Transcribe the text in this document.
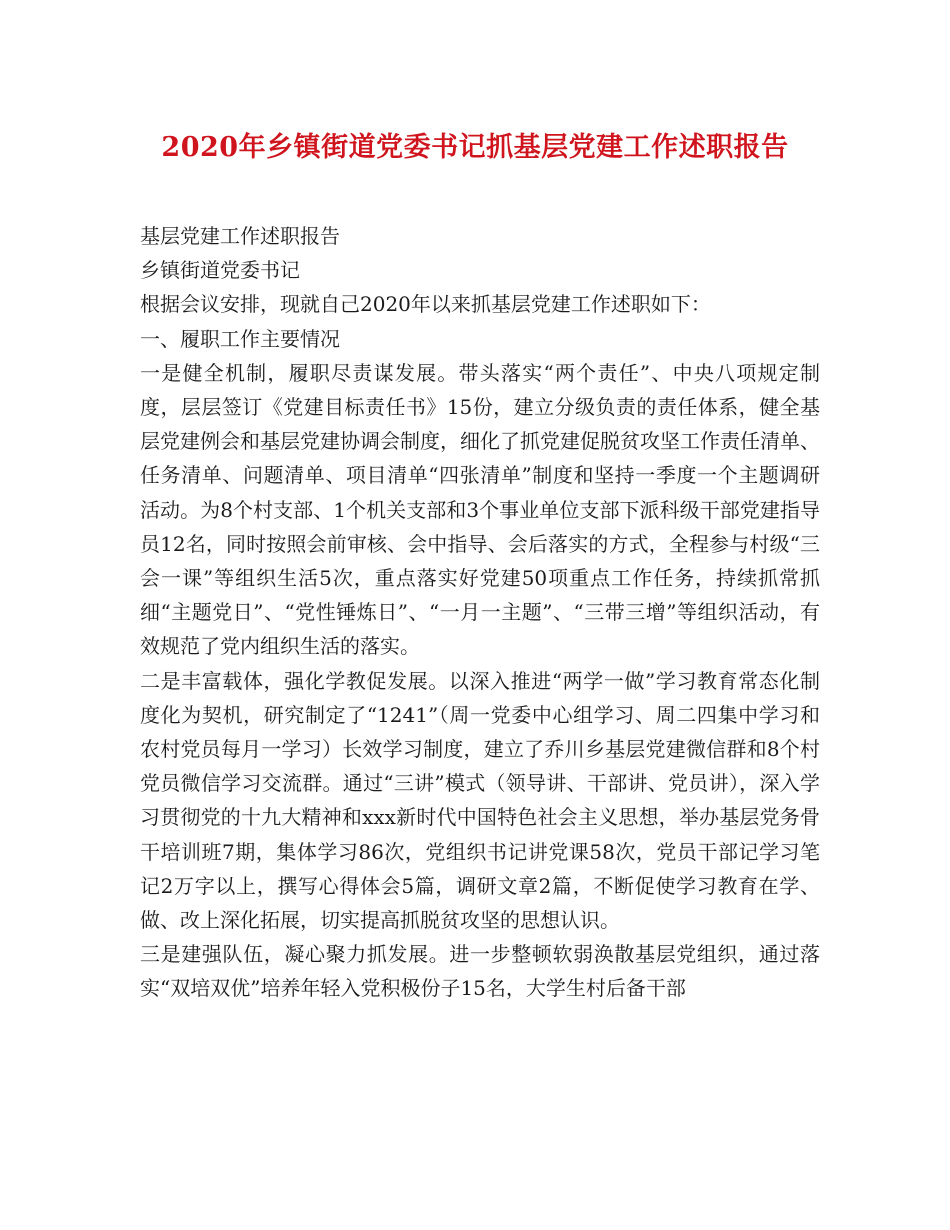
2020年乡镇街道党委书记抓基层党建工作述职报告

基层党建工作述职报告

乡镇街道党委书记

根据会议安排，现就自己2020年以来抓基层党建工作述职如下：

一、履职工作主要情况

一是健全机制，履职尽责谋发展。带头落实“两个责任”、中央八项规定制度，层层签订《党建目标责任书》15份，建立分级负责的责任体系，健全基层党建例会和基层党建协调会制度，细化了抓党建促脱贫攻坚工作责任清单、任务清单、问题清单、项目清单“四张清单”制度和坚持一季度一个主题调研活动。为8个村支部、1个机关支部和3个事业单位支部下派科级干部党建指导员12名，同时按照会前审核、会中指导、会后落实的方式，全程参与村级“三会一课”等组织生活5次，重点落实好党建50项重点工作任务，持续抓常抓细“主题党日”、“党性锤炼日”、“一月一主题”、“三带三增”等组织活动，有效规范了党内组织生活的落实。

二是丰富载体，强化学教促发展。以深入推进“两学一做”学习教育常态化制度化为契机，研究制定了“1241”（周一党委中心组学习、周二四集中学习和农村党员每月一学习）长效学习制度，建立了乔川乡基层党建微信群和8个村党员微信学习交流群。通过“三讲”模式（领导讲、干部讲、党员讲），深入学习贯彻党的十九大精神和xxx新时代中国特色社会主义思想，举办基层党务骨干培训班7期，集体学习86次，党组织书记讲党课58次，党员干部记学习笔记2万字以上，撰写心得体会5篇，调研文章2篇，不断促使学习教育在学、做、改上深化拓展，切实提高抓脱贫攻坚的思想认识。

三是建强队伍，凝心聚力抓发展。进一步整顿软弱涣散基层党组织，通过落实“双培双优”培养年轻入党积极份子15名，大学生村后备干部
